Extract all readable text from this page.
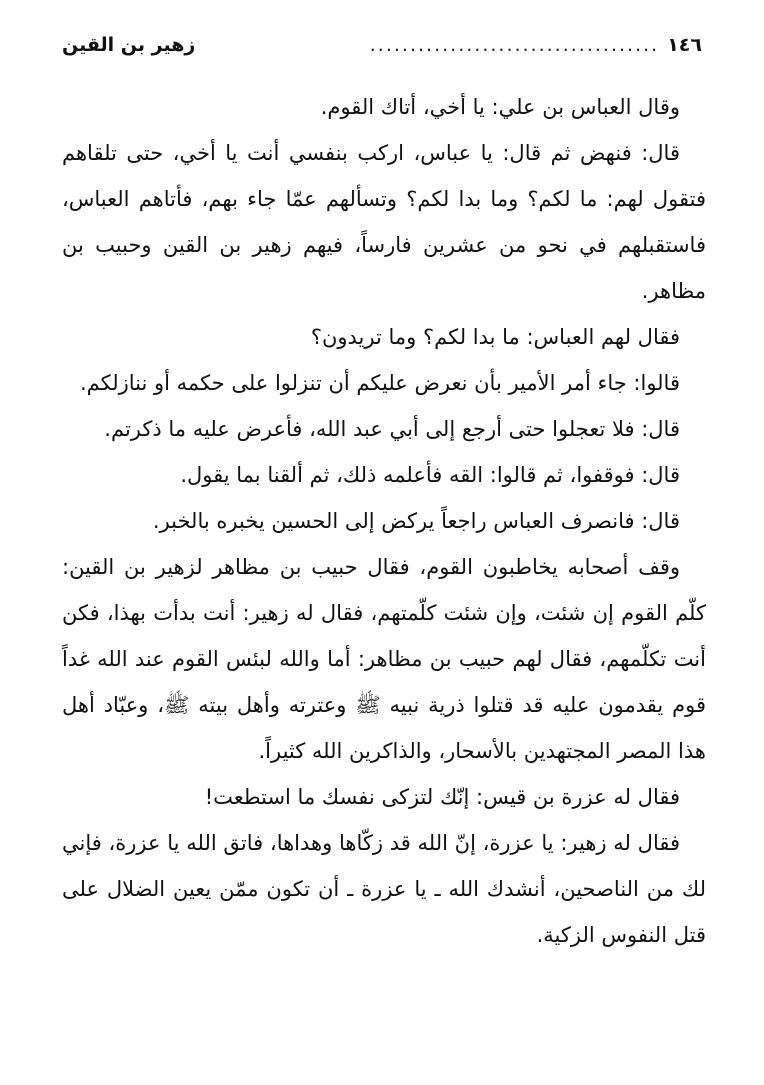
١٤٦
....................................
زهير بن القين

وقال العباس بن علي: يا أخي، أتاك القوم.

قال: فنهض ثم قال: يا عباس، اركب بنفسي أنت يا أخي، حتى تلقاهم فتقول لهم: ما لكم؟ وما بدا لكم؟ وتسألهم عمّا جاء بهم، فأتاهم العباس، فاستقبلهم في نحو من عشرين فارساً، فيهم زهير بن القين وحبيب بن مظاهر.

فقال لهم العباس: ما بدا لكم؟ وما تريدون؟

قالوا: جاء أمر الأمير بأن نعرض عليكم أن تنزلوا على حكمه أو ننازلكم.

قال: فلا تعجلوا حتى أرجع إلى أبي عبد الله، فأعرض عليه ما ذكرتم.

قال: فوقفوا، ثم قالوا: القه فأعلمه ذلك، ثم ألقنا بما يقول.

قال: فانصرف العباس راجعاً يركض إلى الحسين يخبره بالخبر.

وقف أصحابه يخاطبون القوم، فقال حبيب بن مظاهر لزهير بن القين: كلّم القوم إن شئت، وإن شئت كلّمتهم، فقال له زهير: أنت بدأت بهذا، فكن أنت تكلّمهم، فقال لهم حبيب بن مظاهر: أما والله لبئس القوم عند الله غداً قوم يقدمون عليه قد قتلوا ذرية نبيه ﷺ وعترته وأهل بيته ﷺ، وعبّاد أهل هذا المصر المجتهدين بالأسحار، والذاكرين الله كثيراً.

فقال له عزرة بن قيس: إنّك لتزكى نفسك ما استطعت!

فقال له زهير: يا عزرة، إنّ الله قد زكّاها وهداها، فاتق الله يا عزرة، فإني لك من الناصحين، أنشدك الله ـ يا عزرة ـ أن تكون ممّن يعين الضلال على قتل النفوس الزكية.
